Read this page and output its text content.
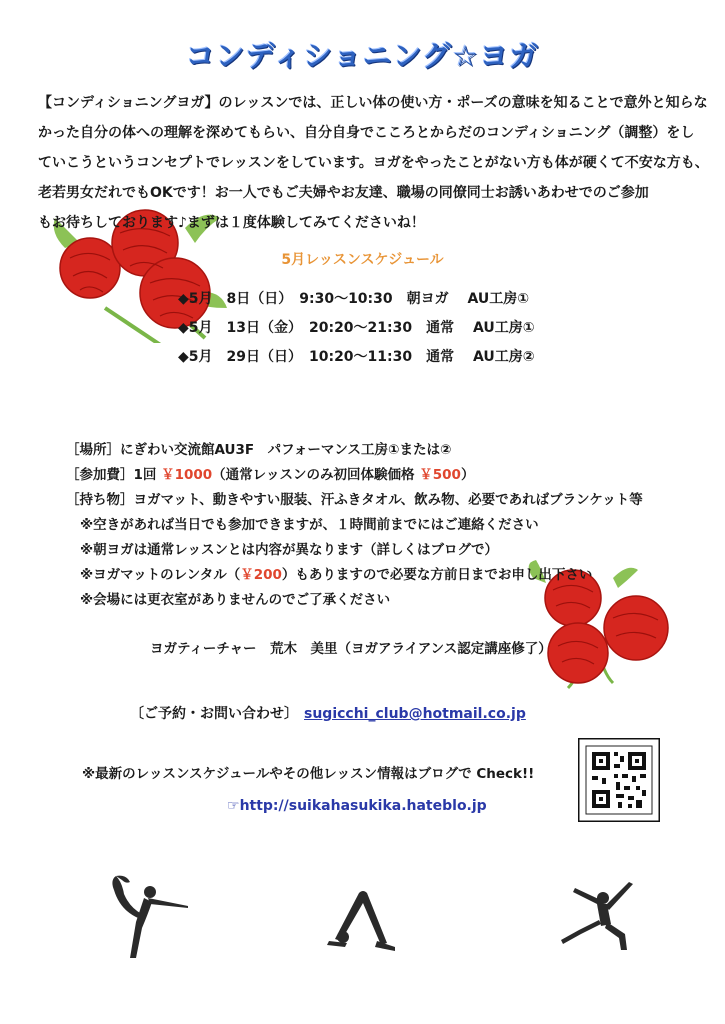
コンディショニング☆ヨガ

【コンディショニングヨガ】のレッスンでは、正しい体の使い方・ポーズの意味を知ることで意外と知らな

かった自分の体への理解を深めてもらい、自分自身でこころとからだのコンディショニング（調整）をし

ていこうというコンセプトでレッスンをしています。ヨガをやったことがない方も体が硬くて不安な方も、

老若男女だれでもOKです！お一人でもご夫婦やお友達、職場の同僚同士お誘いあわせでのご参加

もお待ちしております♪まずは１度体験してみてくださいね！

5月レッスンスケジュール
◆5月　8日（日）　9:30～10:30　朝ヨガ　 AU工房①
◆5月　13日（金）　20:20～21:30　通常　 AU工房①
◆5月　29日（日）　10:20～11:30　通常　 AU工房②
［場所］にぎわい交流館AU3F　パフォーマンス工房①または②
［参加費］1回 ￥1000（通常レッスンのみ初回体験価格 ￥500）
［持ち物］ヨガマット、動きやすい服装、汗ふきタオル、飲み物、必要であればブランケット等
※空きがあれば当日でも参加できますが、１時間前までにはご連絡ください
※朝ヨガは通常レッスンとは内容が異なります（詳しくはブログで）
※ヨガマットのレンタル（￥200）もありますので必要な方前日までお申し出下さい
※会場には更衣室がありませんのでご了承ください
ヨガティーチャー　荒木　美里（ヨガアライアンス認定講座修了）
〔ご予約・お問い合わせ〕 sugicchi_club@hotmail.co.jp
※最新のレッスンスケジュールやその他レッスン情報はブログで Check!!
☞http://suikahasukika.hateblo.jp
